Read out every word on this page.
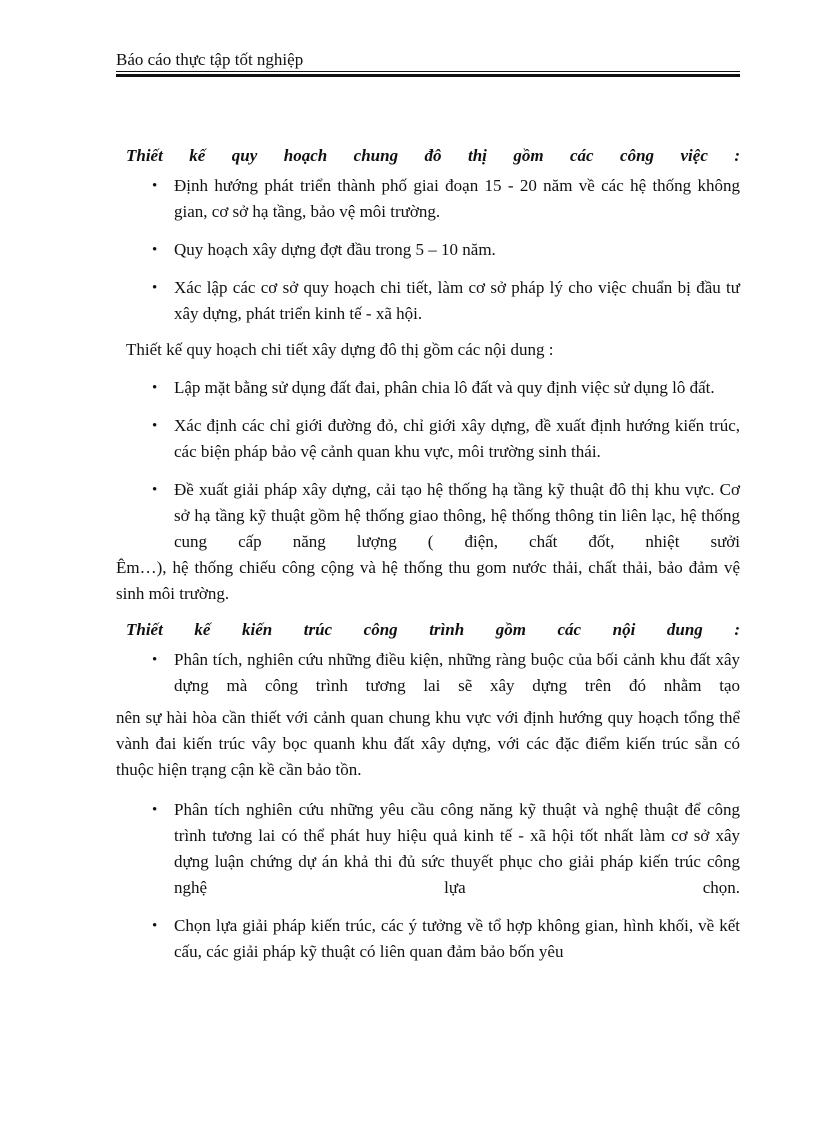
Báo cáo thực tập tốt nghiệp

Thiết kế quy hoạch chung đô thị gồm các công việc :

• Định hướng phát triển thành phố giai đoạn 15 - 20 năm về các hệ thống không gian, cơ sở hạ tầng, bảo vệ môi trường.
• Quy hoạch xây dựng đợt đầu trong 5 – 10 năm.
• Xác lập các cơ sở quy hoạch chi tiết, làm cơ sở pháp lý cho việc chuẩn bị đầu tư xây dựng, phát triển kinh tế - xã hội.

Thiết kế quy hoạch chi tiết xây dựng đô thị gồm các nội dung :

• Lập mặt bằng sử dụng đất đai, phân chia lô đất và quy định việc sử dụng lô đất.
• Xác định các chỉ giới đường đỏ, chỉ giới xây dựng, đề xuất định hướng kiến trúc, các biện pháp bảo vệ cảnh quan khu vực, môi trường sinh thái.
• Đề xuất giải pháp xây dựng, cải tạo hệ thống hạ tầng kỹ thuật đô thị khu vực. Cơ sở hạ tầng kỹ thuật gồm hệ thống giao thông, hệ thống thông tin liên lạc, hệ thống cung cấp năng lượng ( điện, chất đốt, nhiệt sưởi

Êm…), hệ thống chiếu công cộng và hệ thống thu gom nước thải, chất thải, bảo đảm vệ sinh môi trường.

Thiết kế kiến trúc công trình gồm các nội dung :

• Phân tích, nghiên cứu những điều kiện, những ràng buộc của bối cảnh khu đất xây dựng mà công trình tương lai sẽ xây dựng trên đó nhằm tạo

nên sự hài hòa cần thiết với cảnh quan chung khu vực với định hướng quy hoạch tổng thể vành đai kiến trúc vây bọc quanh khu đất xây dựng, với các đặc điểm kiến trúc sẵn có thuộc hiện trạng cận kề cần bảo tồn.

• Phân tích nghiên cứu những yêu cầu công năng kỹ thuật và nghệ thuật để công trình tương lai có thể phát huy hiệu quả kinh tế - xã hội tốt nhất làm cơ sở xây dựng luận chứng dự án khả thi đủ sức thuyết phục cho giải pháp kiến trúc công nghệ lựa chọn.
• Chọn lựa giải pháp kiến trúc, các ý tưởng về tổ hợp không gian, hình khối, về kết cấu, các giải pháp kỹ thuật có liên quan đảm bảo bốn yêu
